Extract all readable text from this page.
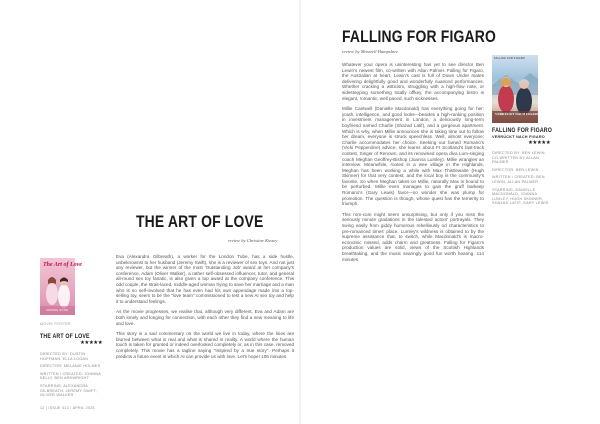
THE ART OF LOVE
review by Christine Kinsey

Eva (Alexandra Gilbreath), a worker for the London Tube, has a side hustle, unbeknownst to her husband (Jeremy Swift), she is a reviewer of sex toys. And not just any reviewer, but the winner of the most 'Outstanding Job' award at her company's conference. Adam (Oliver Walker), a rather self-obsessed influencer, tutor, and general all-round sex toy fanatic, is also given a top award at the company conference. This odd couple, the strait-laced, middle-aged woman trying to save her marriage and a man who is so self-involved that he has even had his own appendage made into a top-selling toy, seem to be the "love team" commissioned to test a new AI sex toy and help it to understand feelings.

As the movie progresses, we realise that, although very different, Eva and Adam are both lonely and longing for connection, with each other they find a new meaning to life and love.

This story is a sad commentary on the world we live in today, where the lines are blurred between what is real and what is shared in reality. A world where the human touch is taken for granted or indeed overlooked completely or, as in this case, removed completely. This movie has a tagline saying "Inspired by a true story". Perhaps it predicts a future event in which AI can provide us with love. Let's hope! 106 minutes.

The Art of Love
COMING SOON
MOVIE POSTER
THE ART OF LOVE
★★★★★

DIRECTED BY: DUSTIN HOFFMAN, ELLA LOGAN

DIRECTOR: MELANIE HOLMES

WRITTEN / CREATED: JOHNNA KELLY, BEN ARKWRIGHT

STARRING: ALEXANDRA GILBREATH, JEREMY SWIFT, OLIVER WALKER

12 | ISSUE 413 / APRIL 2025
FALLING FOR FIGARO
review by Maxwell Hampshire

Whatever your opera is uninteresting has yet to see director Ben Lewin's newest film, co-written with Allan Palmer. Falling for Figaro, the Australian at heart, Lewin's cast is full of Down Under mates delivering delightfully good and wonderfully nuanced performances. Whether cracking a witticism, struggling with a high-flow note, or sidestepping something totally offkey, the accompanying bistro is elegant, romantic, well paced, such sicknesses.

Millie Cantwell (Danielle Macdonald) has everything going for her: youth, intelligence, and good looks—besides a high-ranking position in investment management in London, a deliciously long-term boyfriend named Charlie (Shazad Latif), and a gorgeous apartment. Which is why, when Millie announces she is taking time out to follow her dream, everyone is struck speechless. Well, almost everyone; Charlie accommodates her choice. Seeking out famed Romano's (Vicki Pepperdine) advice, she learns about Ft Scotland's fast-track contest, Singer of Renown, and its renowned opera diva Lum-singing coach Meghan Geoffrey-Bishop (Joanna Lumley). Millie wrangles an interview. Meanwhile, rooted in a wee village in the Highlands, Meghan has been working a while with Max Thistlewaite (Hugh Skinner) for that very contest, and the local boy is the community's favorite. So when Meghan takes on Millie, naturally Max is bound to be perturbed. Millie even manages to gain the gruff barkeep Romano's (Gary Lewis) favor—no wonder she was plump for promotion. The question is though, whose quest has the temerity to triumph.

This rom-com might seem unsurprising, but only if you miss the seriously minute gradations in the talented actors' portrayals. They swing easily from giddy humorous rebelliously od characteristics to pre-romanced times' place. Lumley's wildness is obtained to by the supreme assistance that, to switch, while Macdonald's is macro-economic missed, adds charm and greatness. Falling for Figaro's production values are solid, views of the Scottish Highlands breathtaking, and the music searingly good fun worth hearing. 114 minutes.

FALLING FOR FIGARO
VERRÜCKT NACH FIGARO
FALLING FOR FIGARO
VERRÜCKT NACH FIGARO
★★★★★

DIRECTED BY: BEN LEWIN, CO-WRITTEN BY ALLAN PALMER

DIRECTOR: BEN LEWIN

WRITTEN / CREATED: BEN LEWIN, ALLAN PALMER

STARRING: DANIELLE MACDONALD, JOANNA LUMLEY, HUGH SKINNER, SHAZAD LATIF, GARY LEWIS
